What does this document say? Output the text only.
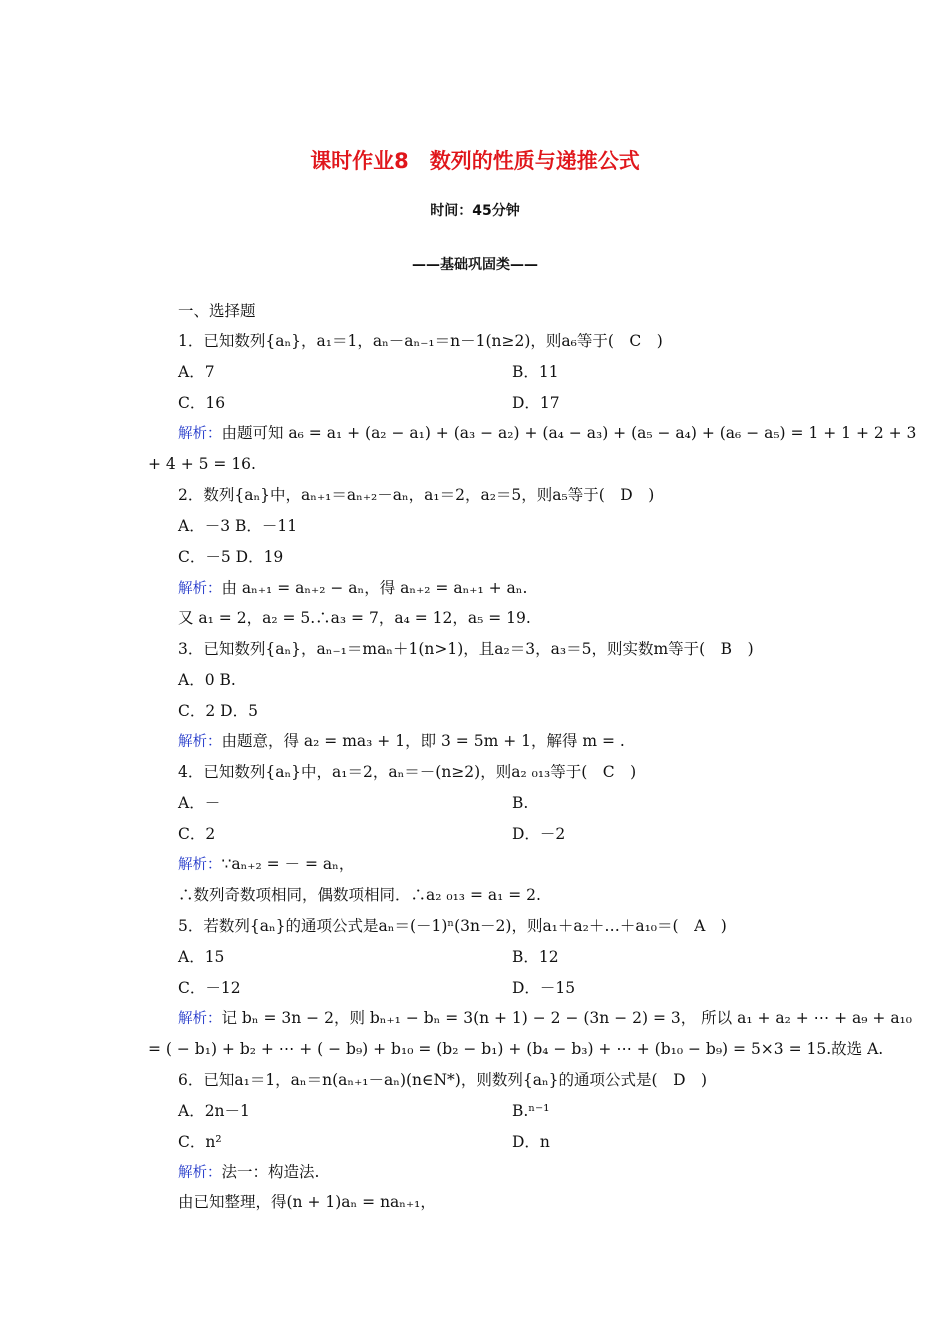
课时作业8　数列的性质与递推公式
时间：45分钟
——基础巩固类——
一、选择题
1．已知数列{aₙ}，a₁＝1，aₙ－aₙ₋₁＝n－1(n≥2)，则a₆等于(　C　)
A．7	B．11
C．16	D．17
解析：由题可知 a₆ = a₁ + (a₂ − a₁) + (a₃ − a₂) + (a₄ − a₃) + (a₅ − a₄) + (a₆ − a₅) = 1 + 1 + 2 + 3
+ 4 + 5 = 16.
2．数列{aₙ}中，aₙ₊₁＝aₙ₊₂－aₙ，a₁＝2，a₂＝5，则a₅等于(　D　)
A．－3 B．－11
C．－5 D．19
解析：由 aₙ₊₁ = aₙ₊₂ − aₙ，得 aₙ₊₂ = aₙ₊₁ + aₙ.
又 a₁ = 2，a₂ = 5.∴a₃ = 7，a₄ = 12，a₅ = 19.
3．已知数列{aₙ}，aₙ₋₁＝maₙ＋1(n>1)，且a₂＝3，a₃＝5，则实数m等于(　B　)
A．0 B.
C．2 D．5
解析：由题意，得 a₂ = ma₃ + 1，即 3 = 5m + 1，解得 m = .
4．已知数列{aₙ}中，a₁＝2，aₙ＝－(n≥2)，则a₂ ₀₁₃等于(　C　)
A．－	B.
C．2	D．－2
解析：∵aₙ₊₂ = － = aₙ，
∴数列奇数项相同，偶数项相同．∴a₂ ₀₁₃ = a₁ = 2.
5．若数列{aₙ}的通项公式是aₙ＝(－1)ⁿ(3n－2)，则a₁＋a₂＋…＋a₁₀＝(　A　)
A．15	B．12
C．－12	D．－15
解析：记 bₙ = 3n − 2，则 bₙ₊₁ − bₙ = 3(n + 1) − 2 − (3n − 2) = 3， 所以 a₁ + a₂ + ⋯ + a₉ + a₁₀
= ( − b₁) + b₂ + ⋯ + ( − b₉) + b₁₀ = (b₂ − b₁) + (b₄ − b₃) + ⋯ + (b₁₀ − b₉) = 5×3 = 15.故选 A.
6．已知a₁＝1，aₙ＝n(aₙ₊₁－aₙ)(n∈N*)，则数列{aₙ}的通项公式是(　D　)
A．2n－1	B.ⁿ⁻¹
C．n²	D．n
解析：法一：构造法.
由已知整理，得(n + 1)aₙ = naₙ₊₁，
